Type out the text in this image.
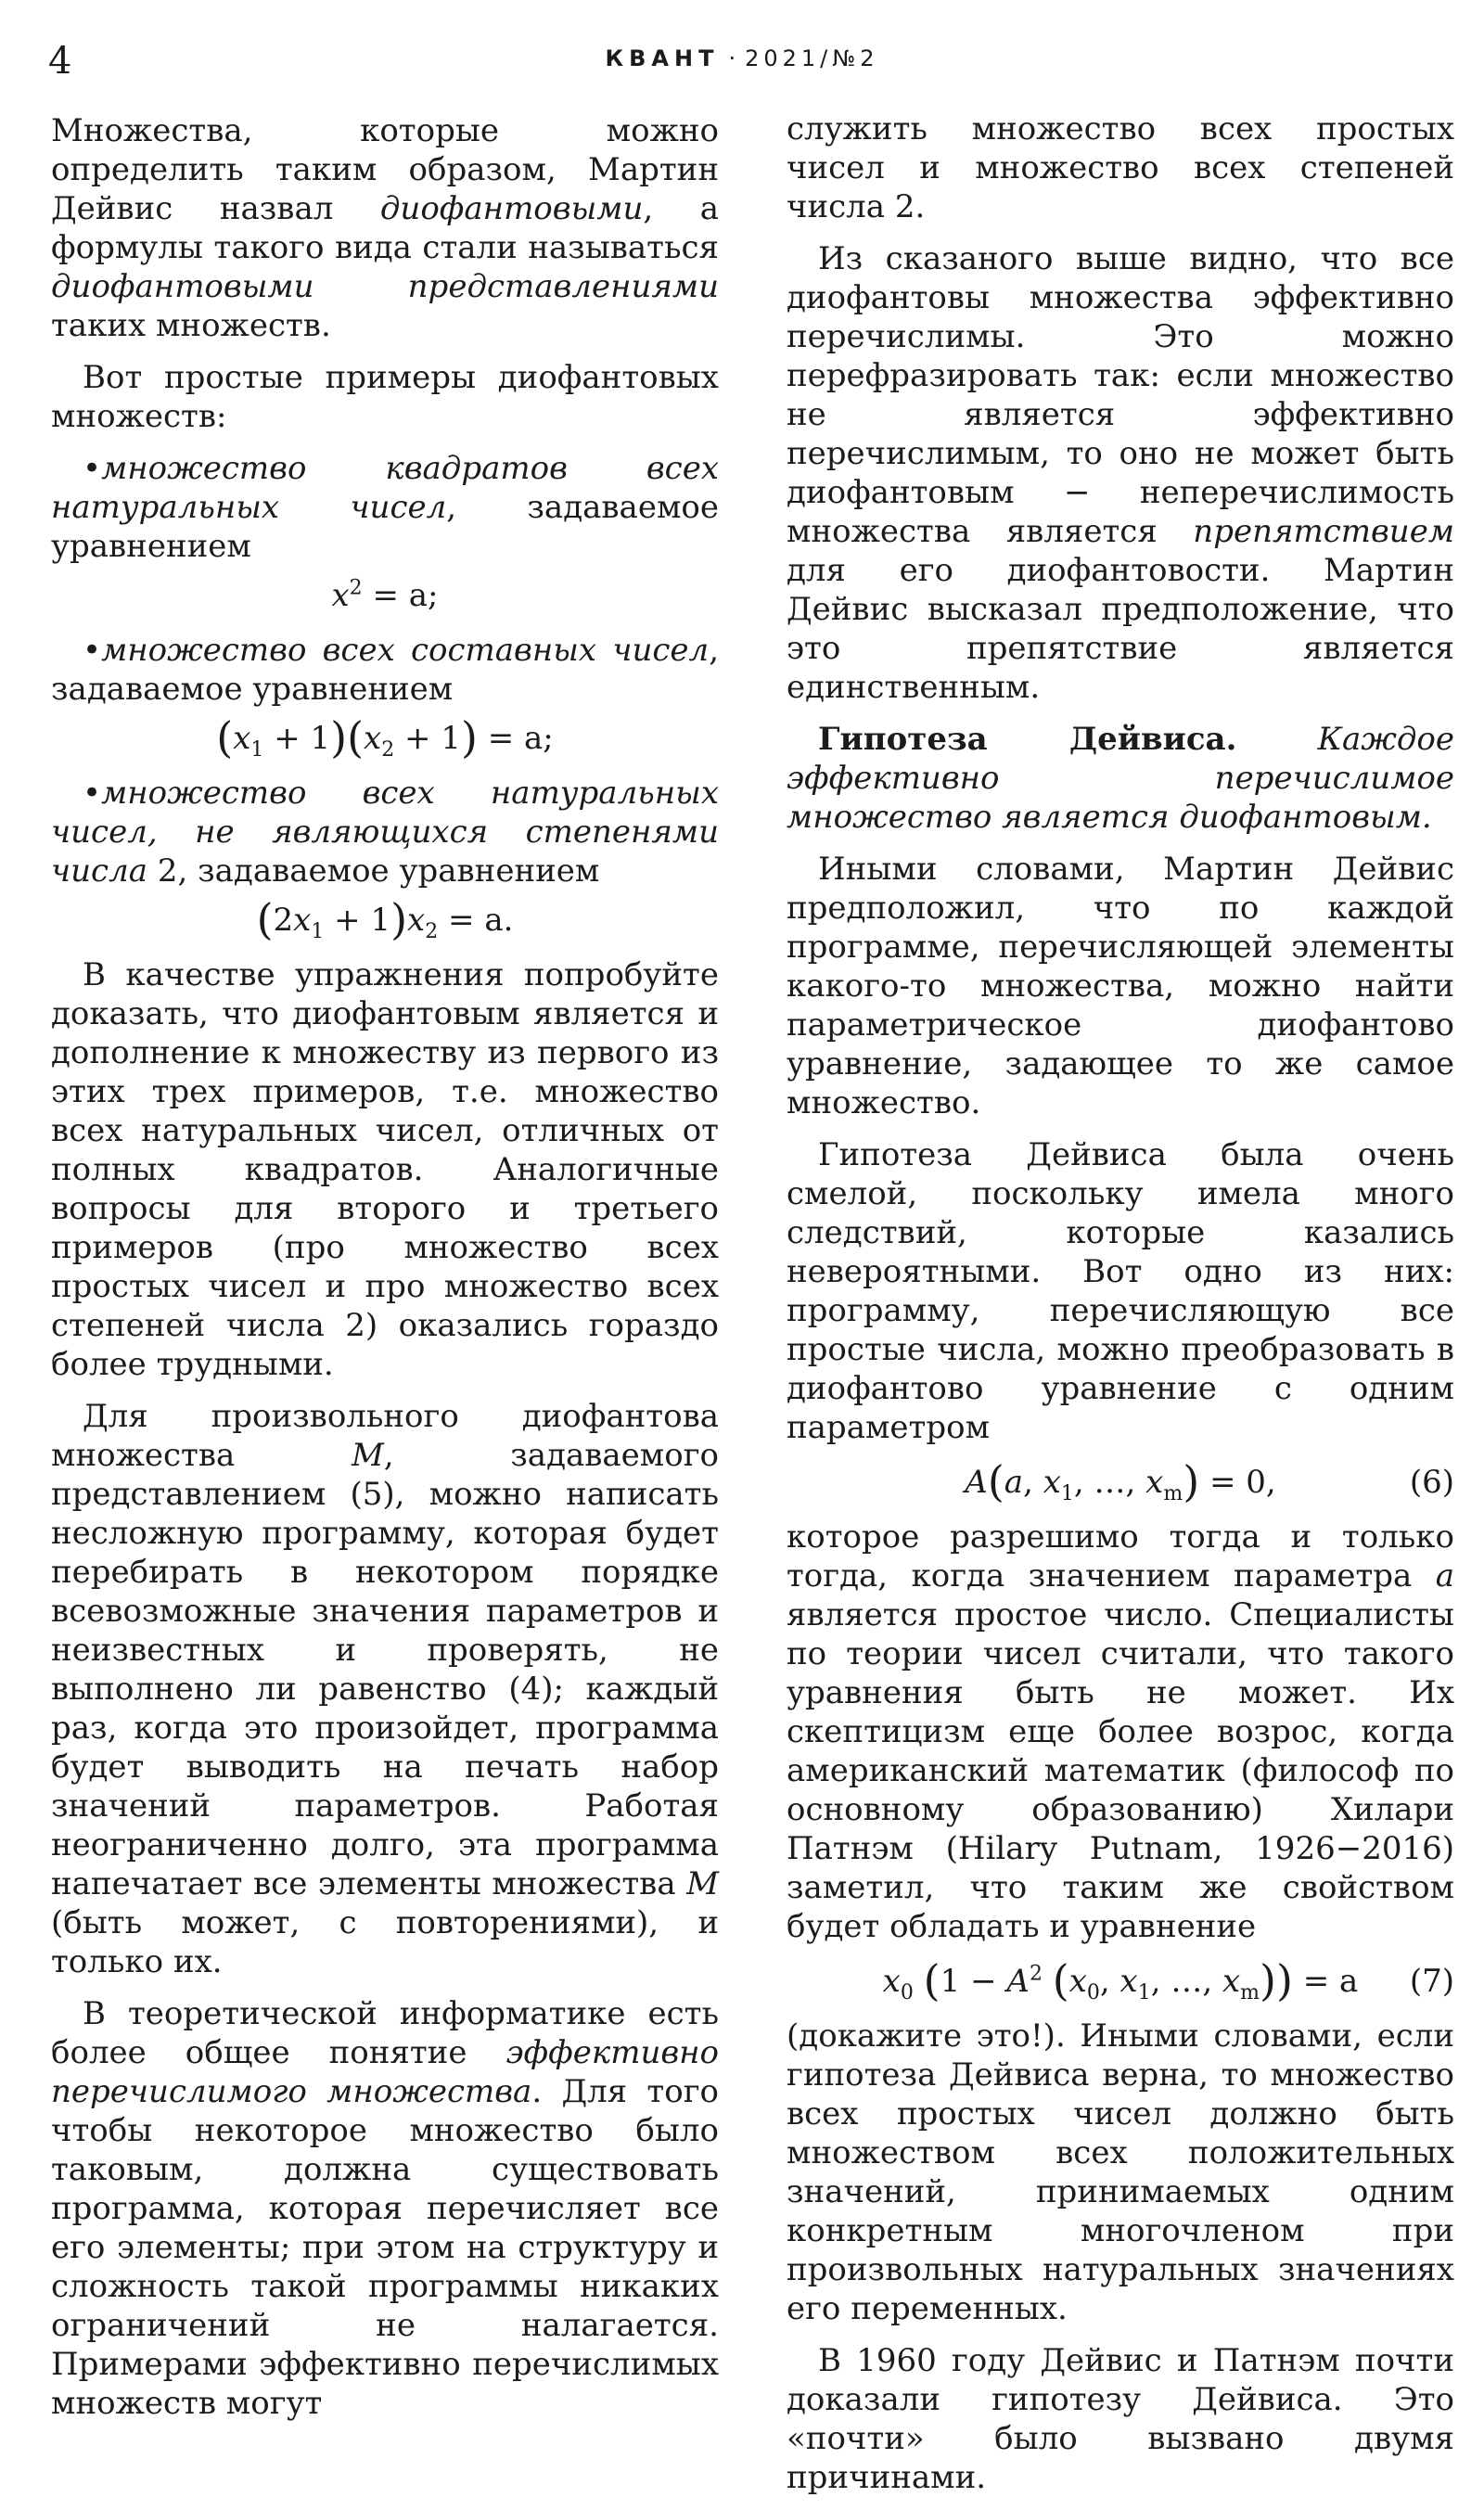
4	КВАНТ · 2021/№2

Множества, которые можно определить таким образом, Мартин Дейвис назвал диофантовыми, а формулы такого вида стали называться диофантовыми представлениями таких множеств.

Вот простые примеры диофантовых множеств:

•множество квадратов всех натуральных чисел, задаваемое уравнением

$x^2 = a$;

•множество всех составных чисел, задаваемое уравнением

$(x_1 + 1)(x_2 + 1) = a$;

•множество всех натуральных чисел, не являющихся степенями числа 2, задаваемое уравнением

$(2x_1 + 1)x_2 = a$.

В качестве упражнения попробуйте доказать, что диофантовым является и дополнение к множеству из первого из этих трех примеров, т.е. множество всех натуральных чисел, отличных от полных квадратов. Аналогичные вопросы для второго и третьего примеров (про множество всех простых чисел и про множество всех степеней числа 2) оказались гораздо более трудными.

Для произвольного диофантова множества	M, задаваемого представлением (5), можно написать несложную программу, которая будет перебирать в некотором порядке всевозможные значения параметров и неизвестных и проверять, не выполнено ли равенство (4); каждый раз, когда это произойдет, программа будет выводить на печать набор значений параметров. Работая неограниченно долго, эта программа напечатает все элементы множества M (быть может, с повторениями), и только их.

В теоретической информатике есть более общее понятие эффективно перечислимого множества. Для того чтобы некоторое множество было таковым, должна существовать программа, которая перечисляет все его элементы; при этом на структуру и сложность такой программы никаких ограничений не налагается. Примерами эффективно перечислимых множеств могут

служить множество всех простых чисел и множество всех степеней числа 2.

Из сказаного выше видно, что все диофантовы множества эффективно перечислимы. Это можно перефразировать так: если множество не является эффективно перечислимым, то оно не может быть диофантовым − неперечислимость множества является препятствием для его диофантовости. Мартин Дейвис высказал предположение, что это препятствие является единственным.

Гипотеза Дейвиса.	Каждое эффективно перечислимое множество является диофантовым.

Иными словами, Мартин Дейвис предположил, что по каждой программе, перечисляющей элементы какого-то множества, можно найти параметрическое диофантово уравнение, задающее то же самое множество.

Гипотеза Дейвиса была очень смелой, поскольку имела много следствий, которые казались невероятными. Вот одно из них: программу, перечисляющую все простые числа, можно преобразовать в диофантово уравнение с одним параметром

A(a, $x_1$, …, $x_m) = 0$,	(6)

которое разрешимо тогда и только тогда, когда значением параметра a является простое число. Специалисты по теории чисел считали, что такого уравнения быть не может. Их скептицизм еще более возрос, когда американский математик (философ по основному образованию) Хилари Патнэм (Hilary Putnam, 1926−2016) заметил, что таким же свойством будет обладать и уравнение

$x_0$ ($1 - A^2$ ($x_0$, $x_1$, …, $x_m)) = a$ (7)

(докажите это!). Иными словами, если гипотеза Дейвиса верна, то множество всех простых чисел должно быть множеством всех положительных значений, принимаемых одним конкретным многочленом при произвольных натуральных значениях его переменных.

В 1960 году Дейвис и Патнэм почти доказали гипотезу Дейвиса. Это «почти» было вызвано двумя причинами.
